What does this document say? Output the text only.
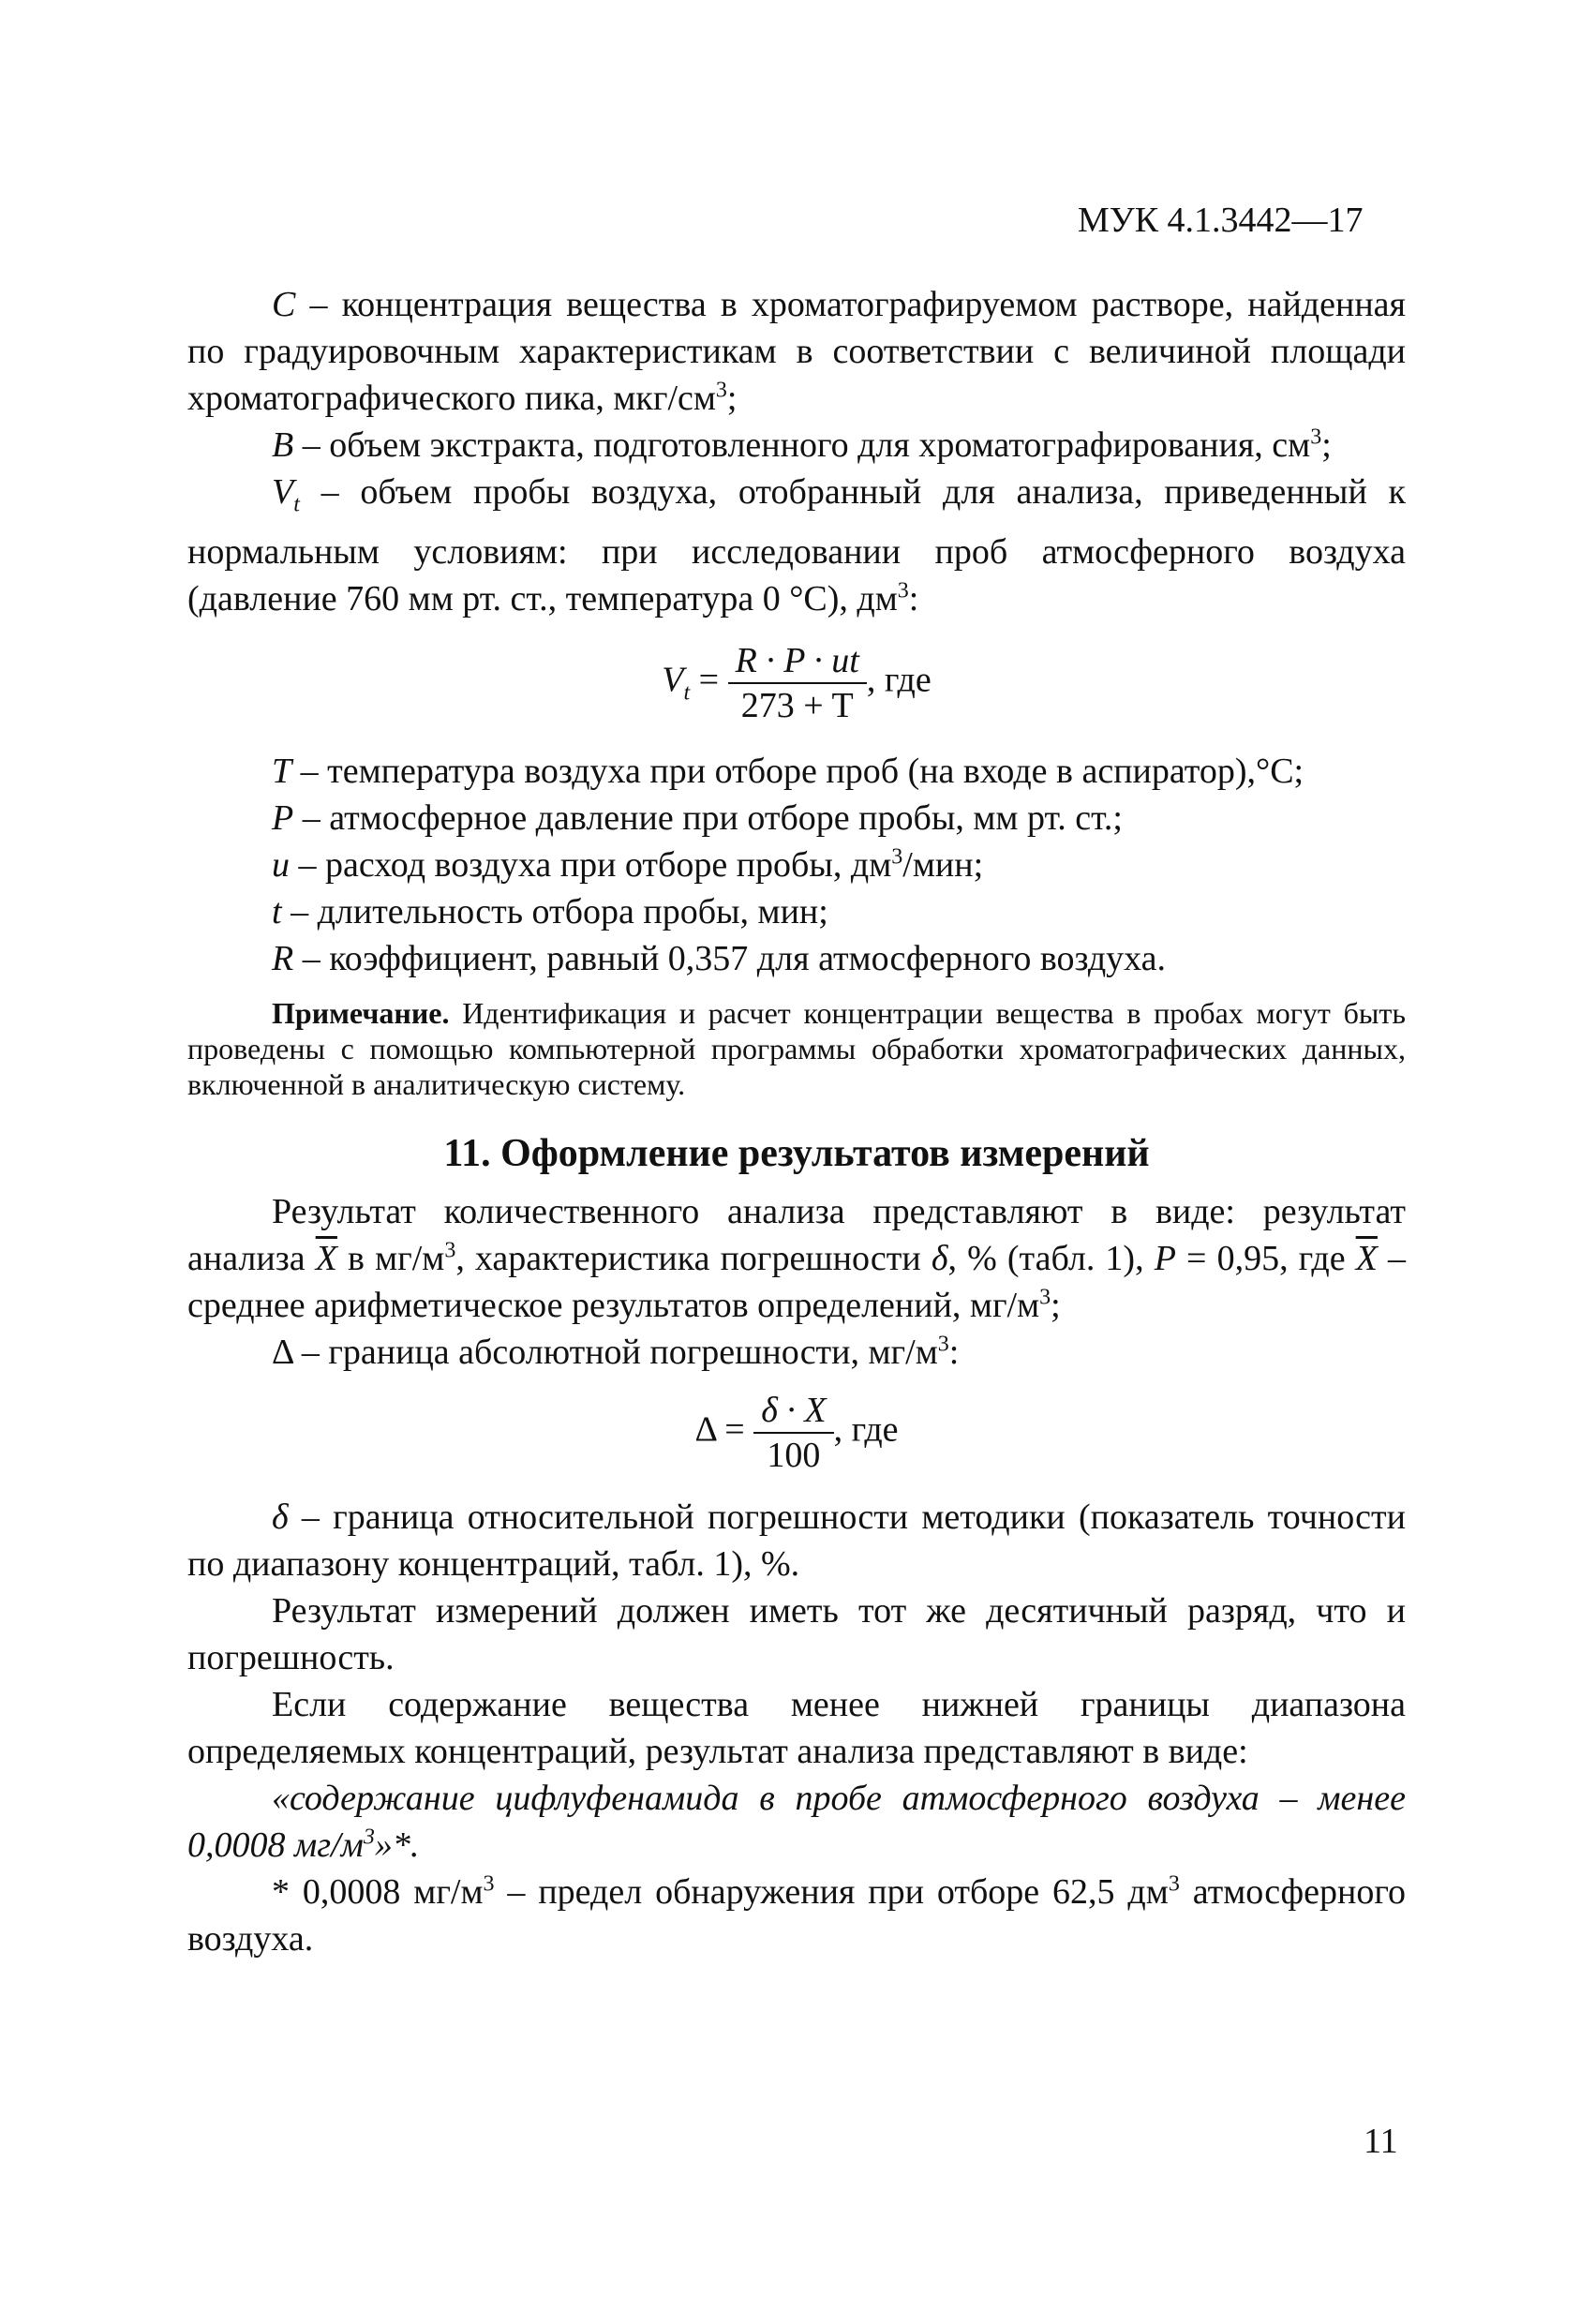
МУК 4.1.3442—17

C – концентрация вещества в хроматографируемом растворе, найденная по градуировочным характеристикам в соответствии с величиной площади хроматографического пика, мкг/$см^3$;

B – объем экстракта, подготовленного для хроматографирования, $см^3$;

$V_t$ – объем пробы воздуха, отобранный для анализа, приведенный к нормальным условиям: при исследовании проб атмосферного воздуха (давление 760 мм рт. ст., температура 0 °С), $дм^3$:

$V_t = \frac{R \cdot P \cdot ut}{273 + T}$ , где

T – температура воздуха при отборе проб (на входе в аспиратор),°С;

P – атмосферное давление при отборе пробы, мм рт. ст.;

u – расход воздуха при отборе пробы, $дм^3$/мин;

t – длительность отбора пробы, мин;

R – коэффициент, равный 0,357 для атмосферного воздуха.

Примечание. Идентификация и расчет концентрации вещества в пробах могут быть проведены с помощью компьютерной программы обработки хроматографических данных, включенной в аналитическую систему.

11. Оформление результатов измерений

Результат количественного анализа представляют в виде: результат анализа $\overline{X}$ в $мг/м^3$, характеристика погрешности δ, % (табл. 1), P = 0,95, где $\overline{X}$ – среднее арифметическое результатов определений, $мг/м^3$;

Δ – граница абсолютной погрешности, $мг/м^3$:

$\Delta = \frac{\delta \cdot X}{100}$ , где

δ – граница относительной погрешности методики (показатель точности по диапазону концентраций, табл. 1), %.

Результат измерений должен иметь тот же десятичный разряд, что и погрешность.

Если содержание вещества менее нижней границы диапазона определяемых концентраций, результат анализа представляют в виде:

«содержание цифлуфенамида в пробе атмосферного воздуха – менее 0,0008 $мг/м^3»*$.

* 0,0008 $мг/м^3$ – предел обнаружения при отборе 62,5 $дм^3$ атмосферного воздуха.

11
